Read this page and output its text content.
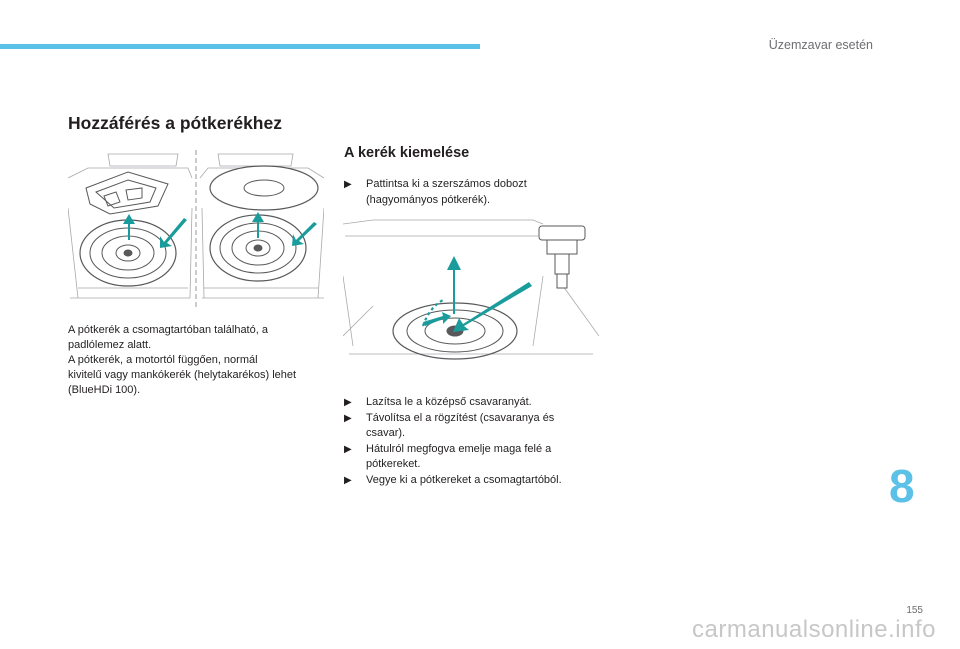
Üzemzavar esetén
Hozzáférés a pótkerékhez

A pótkerék a csomagtartóban található, a
padlólemez alatt.
A pótkerék, a motortól függően, normál
kivitelű vagy mankókerék (helytakarékos) lehet
(BlueHDi 100).

A kerék kiemelése
▶ Pattintsa ki a szerszámos dobozt
(hagyományos pótkerék).
▶ Lazítsa le a középső csavaranyát.
▶ Távolítsa el a rögzítést (csavaranya és
csavar).
▶ Hátulról megfogva emelje maga felé a
pótkereket.
▶ Vegye ki a pótkereket a csomagtartóból.	8
155
carmanualsonline.info
